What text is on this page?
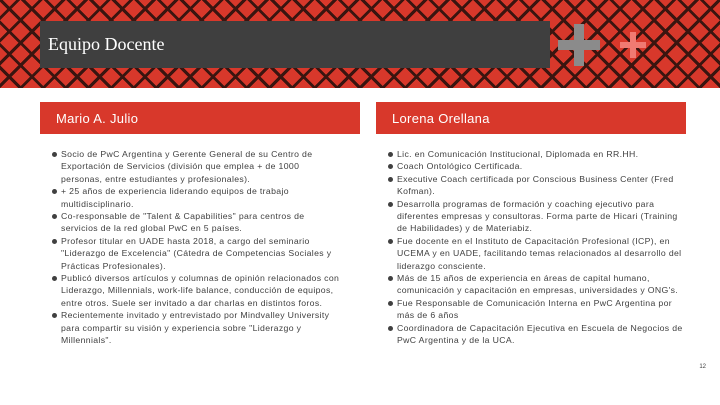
Equipo Docente
Mario A. Julio	Lorena Orellana
Socio de PwC Argentina y Gerente General de su Centro de Exportación de Servicios (división que emplea + de 1000 personas, entre estudiantes y profesionales).
+ 25 años de experiencia liderando equipos de trabajo multidisciplinario.
Co-responsable de "Talent & Capabilities" para centros de servicios de la red global PwC en 5 países.
Profesor titular en UADE hasta 2018, a cargo del seminario "Liderazgo de Excelencia" (Cátedra de Competencias Sociales y Prácticas Profesionales).
Publicó diversos artículos y columnas de opinión relacionados con Liderazgo, Millennials, work-life balance, conducción de equipos, entre otros. Suele ser invitado a dar charlas en distintos foros.
Recientemente invitado y entrevistado por Mindvalley University para compartir su visión y experiencia sobre "Liderazgo y Millennials".
Lic. en Comunicación Institucional, Diplomada en RR.HH.
Coach Ontológico Certificada.
Executive Coach certificada por Conscious Business Center (Fred Kofman).
Desarrolla programas de formación y coaching ejecutivo para diferentes empresas y consultoras. Forma parte de Hicari (Training de Habilidades) y de Materiabiz.
Fue docente en el Instituto de Capacitación Profesional (ICP), en UCEMA y en UADE, facilitando temas relacionados al desarrollo del liderazgo consciente.
Más de 15 años de experiencia en áreas de capital humano, comunicación y capacitación en empresas, universidades y ONG's.
Fue Responsable de Comunicación Interna en PwC Argentina por más de 6 años
Coordinadora de Capacitación Ejecutiva en Escuela de Negocios de PwC Argentina y de la UCA.
12
